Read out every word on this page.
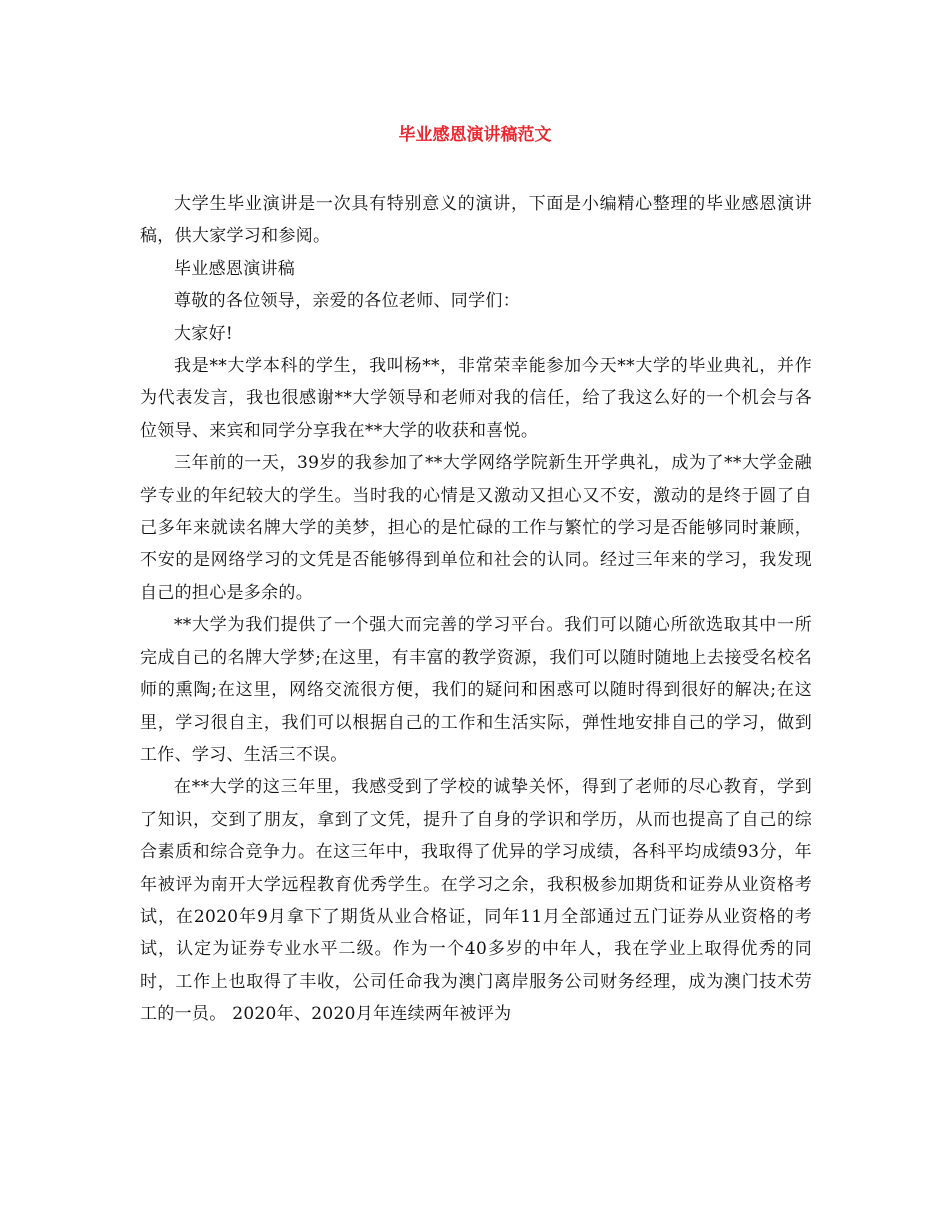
毕业感恩演讲稿范文

大学生毕业演讲是一次具有特别意义的演讲，下面是小编精心整理的毕业感恩演讲稿，供大家学习和参阅。

毕业感恩演讲稿

尊敬的各位领导，亲爱的各位老师、同学们：

大家好!

我是**大学本科的学生，我叫杨**，非常荣幸能参加今天**大学的毕业典礼，并作为代表发言，我也很感谢**大学领导和老师对我的信任，给了我这么好的一个机会与各位领导、来宾和同学分享我在**大学的收获和喜悦。

三年前的一天，39岁的我参加了**大学网络学院新生开学典礼，成为了**大学金融学专业的年纪较大的学生。当时我的心情是又激动又担心又不安，激动的是终于圆了自己多年来就读名牌大学的美梦，担心的是忙碌的工作与繁忙的学习是否能够同时兼顾，不安的是网络学习的文凭是否能够得到单位和社会的认同。经过三年来的学习，我发现自己的担心是多余的。

**大学为我们提供了一个强大而完善的学习平台。我们可以随心所欲选取其中一所完成自己的名牌大学梦;在这里，有丰富的教学资源，我们可以随时随地上去接受名校名师的熏陶;在这里，网络交流很方便，我们的疑问和困惑可以随时得到很好的解决;在这里，学习很自主，我们可以根据自己的工作和生活实际，弹性地安排自己的学习，做到工作、学习、生活三不误。

在**大学的这三年里，我感受到了学校的诚挚关怀，得到了老师的尽心教育，学到了知识，交到了朋友，拿到了文凭，提升了自身的学识和学历，从而也提高了自己的综合素质和综合竞争力。在这三年中，我取得了优异的学习成绩，各科平均成绩93分，年年被评为南开大学远程教育优秀学生。在学习之余，我积极参加期货和证券从业资格考试，在2020年9月拿下了期货从业合格证，同年11月全部通过五门证券从业资格的考试，认定为证券专业水平二级。作为一个40多岁的中年人，我在学业上取得优秀的同时，工作上也取得了丰收，公司任命我为澳门离岸服务公司财务经理，成为澳门技术劳工的一员。 2020年、2020月年连续两年被评为
